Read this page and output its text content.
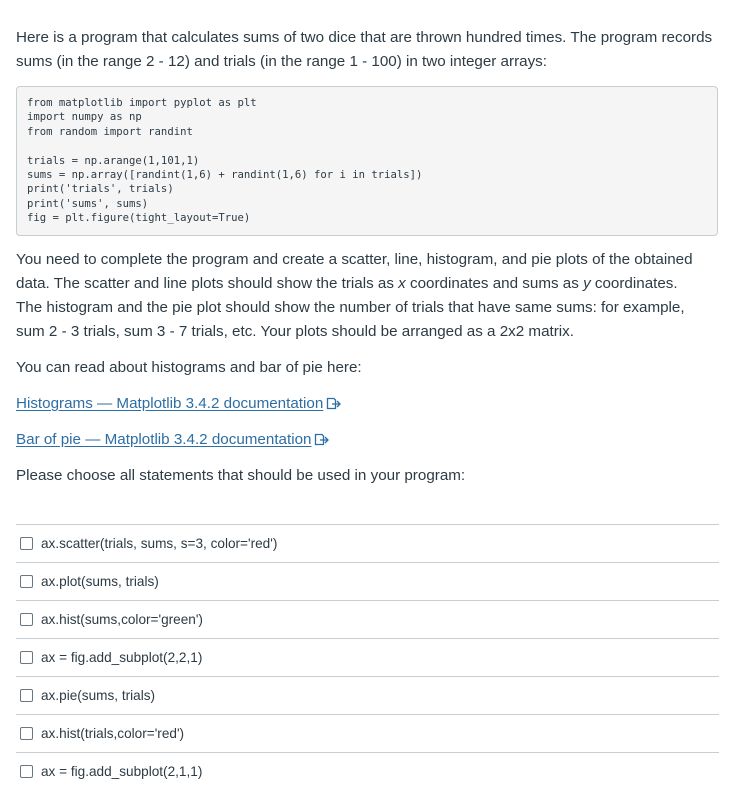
Here is a program that calculates sums of two dice that are thrown hundred times. The program records sums (in the range 2 - 12) and trials (in the range 1 - 100) in two integer arrays:

from matplotlib import pyplot as plt
import numpy as np
from random import randint
trials = np.arange(1,101,1)
sums = np.array([randint(1,6) + randint(1,6) for i in trials])
print('trials', trials)
print('sums', sums)
fig = plt.figure(tight_layout=True)
You need to complete the program and create a scatter, line, histogram, and pie plots of the obtained
data. The scatter and line plots should show the trials as x coordinates and sums as y coordinates.
The histogram and the pie plot should show the number of trials that have same sums: for example,
sum 2 - 3 trials, sum 3 - 7 trials, etc. Your plots should be arranged as a 2x2 matrix.

You can read about histograms and bar of pie here:

Histograms — Matplotlib 3.4.2 documentation
Bar of pie — Matplotlib 3.4.2 documentation

Please choose all statements that should be used in your program:

ax.scatter(trials, sums, s=3, color='red')
ax.plot(sums, trials)
ax.hist(sums,color='green')
ax = fig.add_subplot(2,2,1)
ax.pie(sums, trials)
ax.hist(trials,color='red')
ax = fig.add_subplot(2,1,1)
